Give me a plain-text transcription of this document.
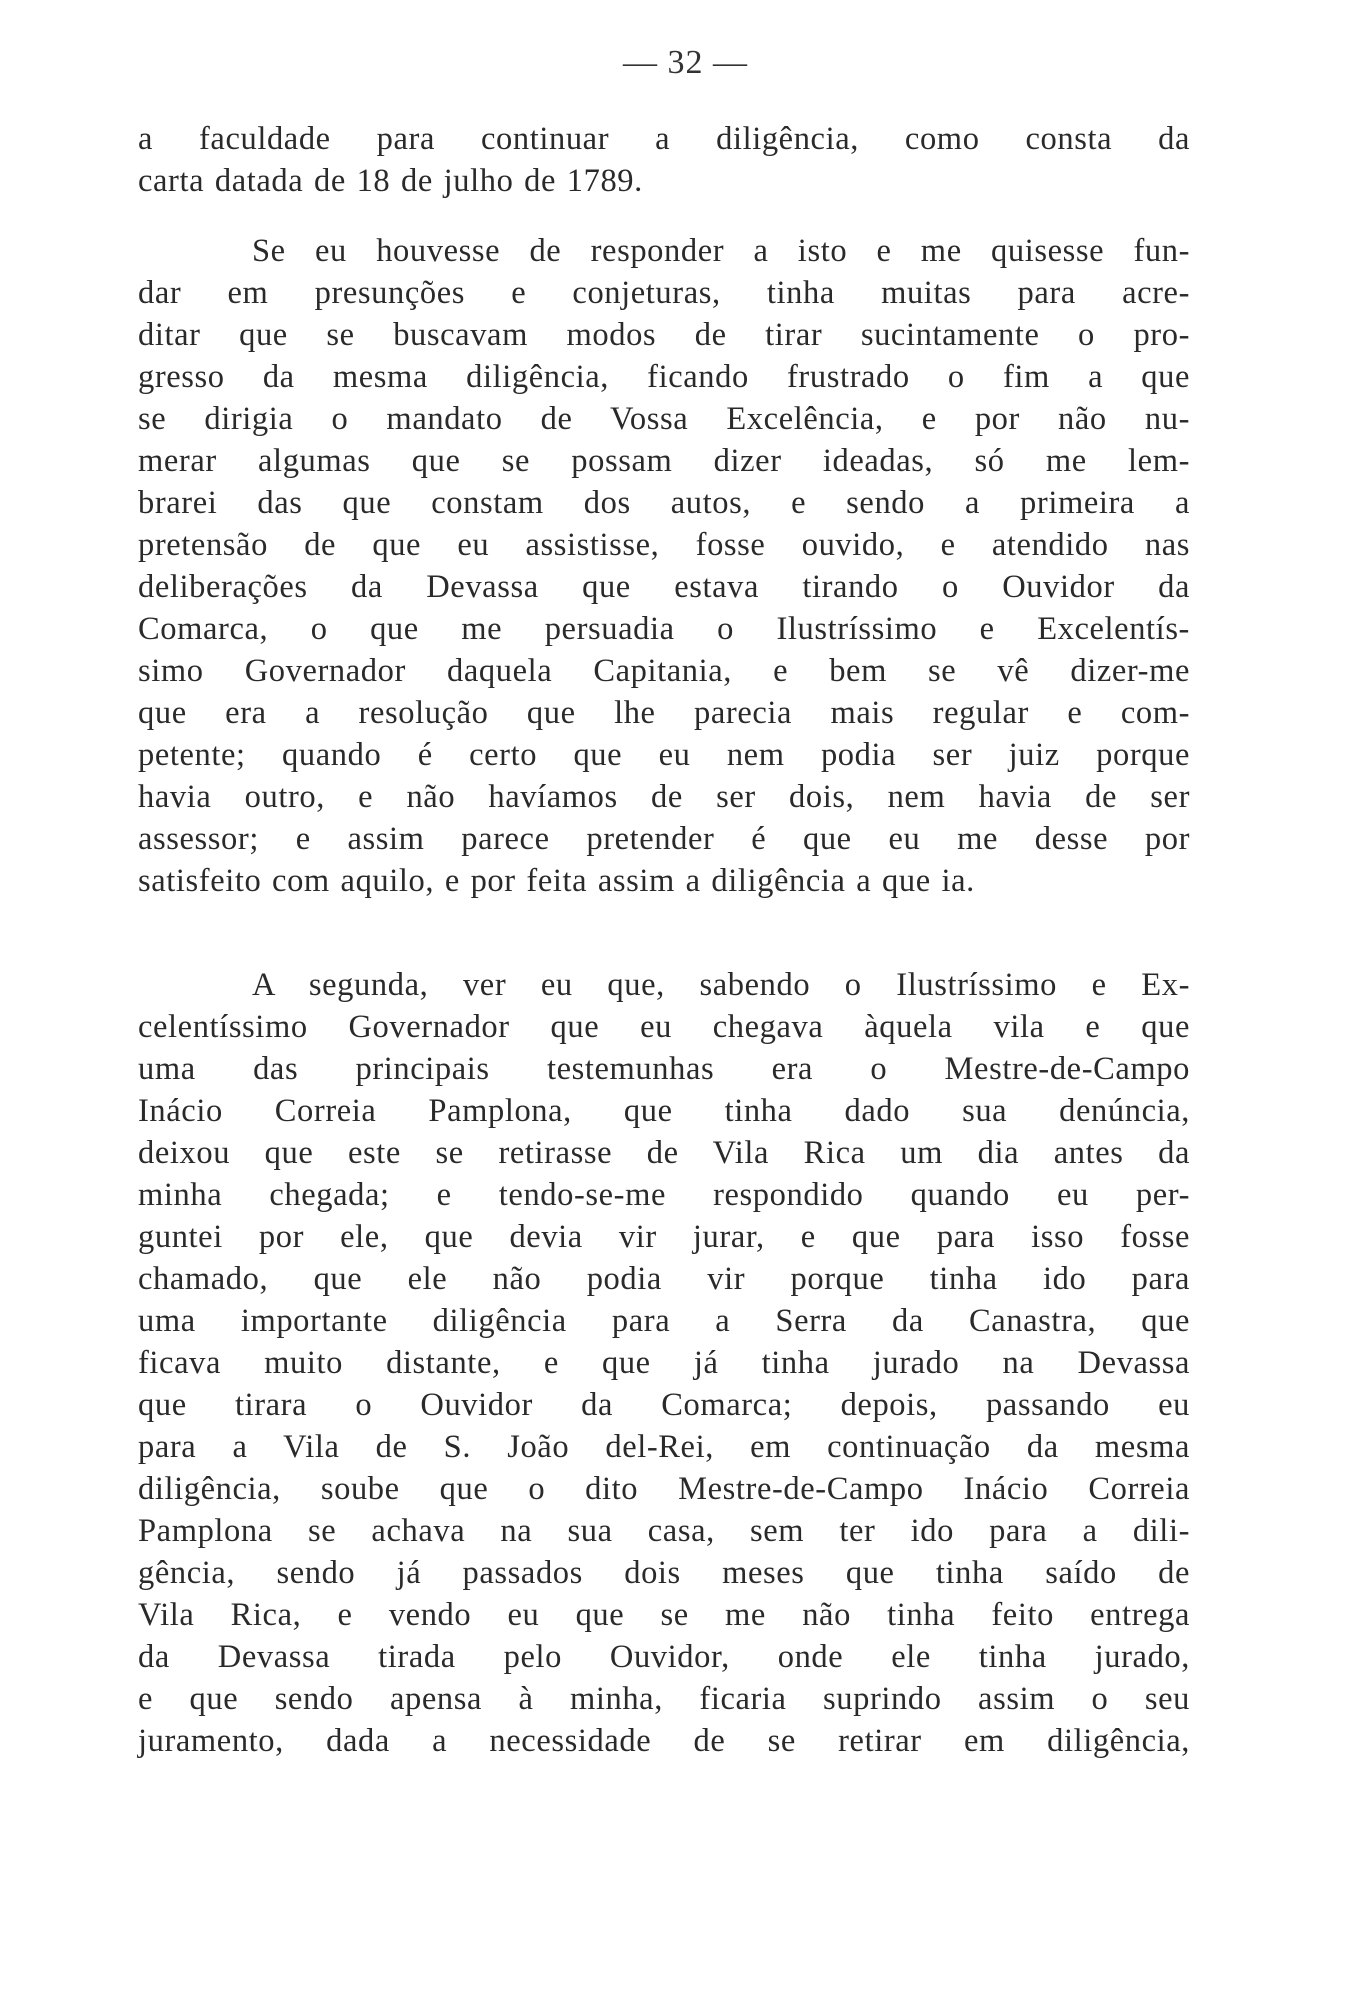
— 32 —
a faculdade para continuar a diligência, como consta da
carta datada de 18 de julho de 1789.
Se eu houvesse de responder a isto e me quisesse fun-
dar em presunções e conjeturas, tinha muitas para acre-
ditar que se buscavam modos de tirar sucintamente o pro-
gresso da mesma diligência, ficando frustrado o fim a que
se dirigia o mandato de Vossa Excelência, e por não nu-
merar algumas que se possam dizer ideadas, só me lem-
brarei das que constam dos autos, e sendo a primeira a
pretensão de que eu assistisse, fosse ouvido, e atendido nas
deliberações da Devassa que estava tirando o Ouvidor da
Comarca, o que me persuadia o Ilustríssimo e Excelentís-
simo Governador daquela Capitania, e bem se vê dizer-me
que era a resolução que lhe parecia mais regular e com-
petente; quando é certo que eu nem podia ser juiz porque
havia outro, e não havíamos de ser dois, nem havia de ser
assessor; e assim parece pretender é que eu me desse por
satisfeito com aquilo, e por feita assim a diligência a que ia.
A segunda, ver eu que, sabendo o Ilustríssimo e Ex-
celentíssimo Governador que eu chegava àquela vila e que
uma das principais testemunhas era o Mestre-de-Campo
Inácio Correia Pamplona, que tinha dado sua denúncia,
deixou que este se retirasse de Vila Rica um dia antes da
minha chegada; e tendo-se-me respondido quando eu per-
guntei por ele, que devia vir jurar, e que para isso fosse
chamado, que ele não podia vir porque tinha ido para
uma importante diligência para a Serra da Canastra, que
ficava muito distante, e que já tinha jurado na Devassa
que tirara o Ouvidor da Comarca; depois, passando eu
para a Vila de S. João del-Rei, em continuação da mesma
diligência, soube que o dito Mestre-de-Campo Inácio Correia
Pamplona se achava na sua casa, sem ter ido para a dili-
gência, sendo já passados dois meses que tinha saído de
Vila Rica, e vendo eu que se me não tinha feito entrega
da Devassa tirada pelo Ouvidor, onde ele tinha jurado,
e que sendo apensa à minha, ficaria suprindo assim o seu
juramento, dada a necessidade de se retirar em diligência,
